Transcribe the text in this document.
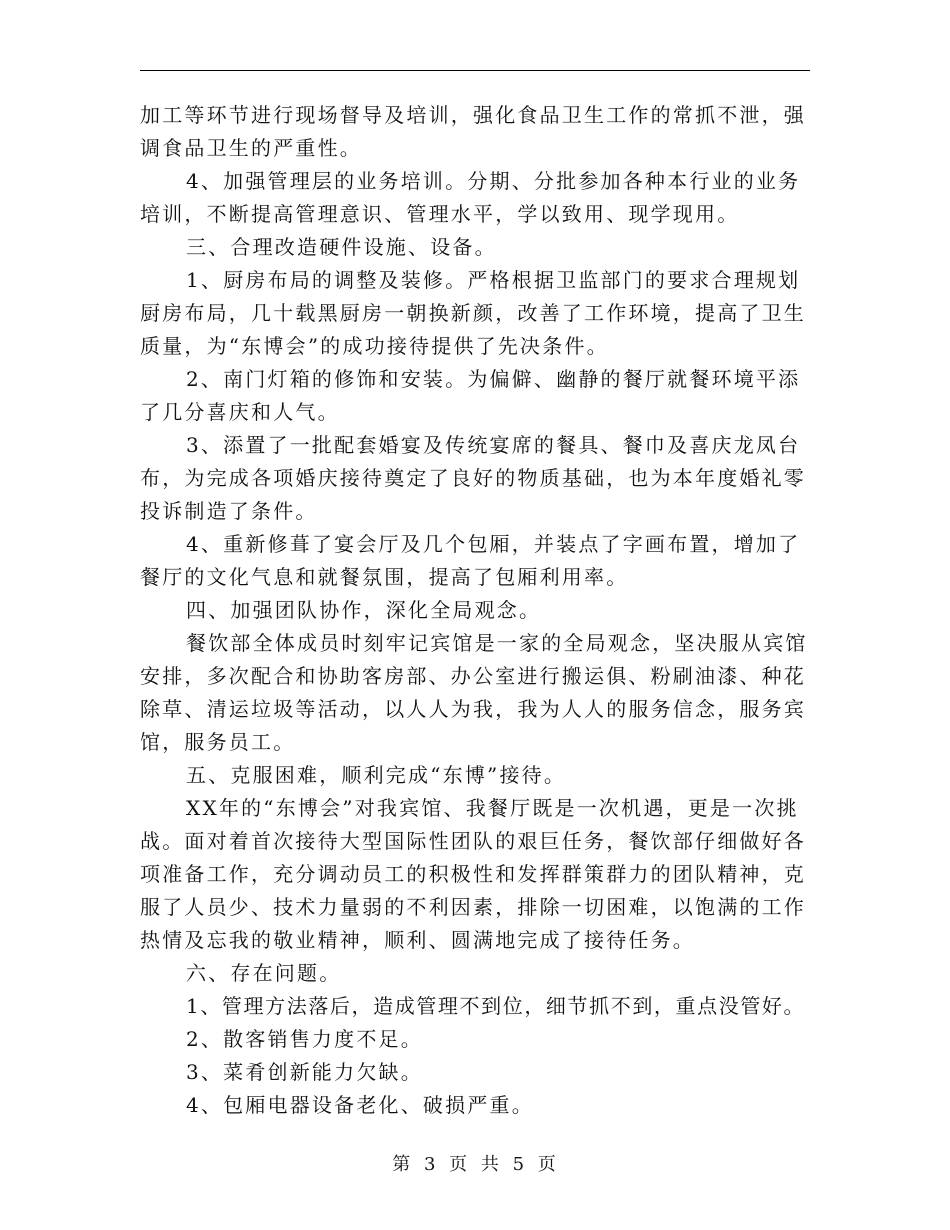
加工等环节进行现场督导及培训，强化食品卫生工作的常抓不泄，强调食品卫生的严重性。

4、加强管理层的业务培训。分期、分批参加各种本行业的业务培训，不断提高管理意识、管理水平，学以致用、现学现用。

三、合理改造硬件设施、设备。

1、厨房布局的调整及装修。严格根据卫监部门的要求合理规划厨房布局，几十载黑厨房一朝换新颜，改善了工作环境，提高了卫生质量，为“东博会”的成功接待提供了先决条件。

2、南门灯箱的修饰和安装。为偏僻、幽静的餐厅就餐环境平添了几分喜庆和人气。

3、添置了一批配套婚宴及传统宴席的餐具、餐巾及喜庆龙凤台布，为完成各项婚庆接待奠定了良好的物质基础，也为本年度婚礼零投诉制造了条件。

4、重新修葺了宴会厅及几个包厢，并装点了字画布置，增加了餐厅的文化气息和就餐氛围，提高了包厢利用率。

四、加强团队协作，深化全局观念。

餐饮部全体成员时刻牢记宾馆是一家的全局观念，坚决服从宾馆安排，多次配合和协助客房部、办公室进行搬运俱、粉刷油漆、种花除草、清运垃圾等活动，以人人为我，我为人人的服务信念，服务宾馆，服务员工。

五、克服困难，顺利完成“东博”接待。

XX年的“东博会”对我宾馆、我餐厅既是一次机遇，更是一次挑战。面对着首次接待大型国际性团队的艰巨任务，餐饮部仔细做好各项准备工作，充分调动员工的积极性和发挥群策群力的团队精神，克服了人员少、技术力量弱的不利因素，排除一切困难，以饱满的工作热情及忘我的敬业精神，顺利、圆满地完成了接待任务。

六、存在问题。

1、管理方法落后，造成管理不到位，细节抓不到，重点没管好。

2、散客销售力度不足。

3、菜肴创新能力欠缺。

4、包厢电器设备老化、破损严重。

第 3 页 共 5 页
